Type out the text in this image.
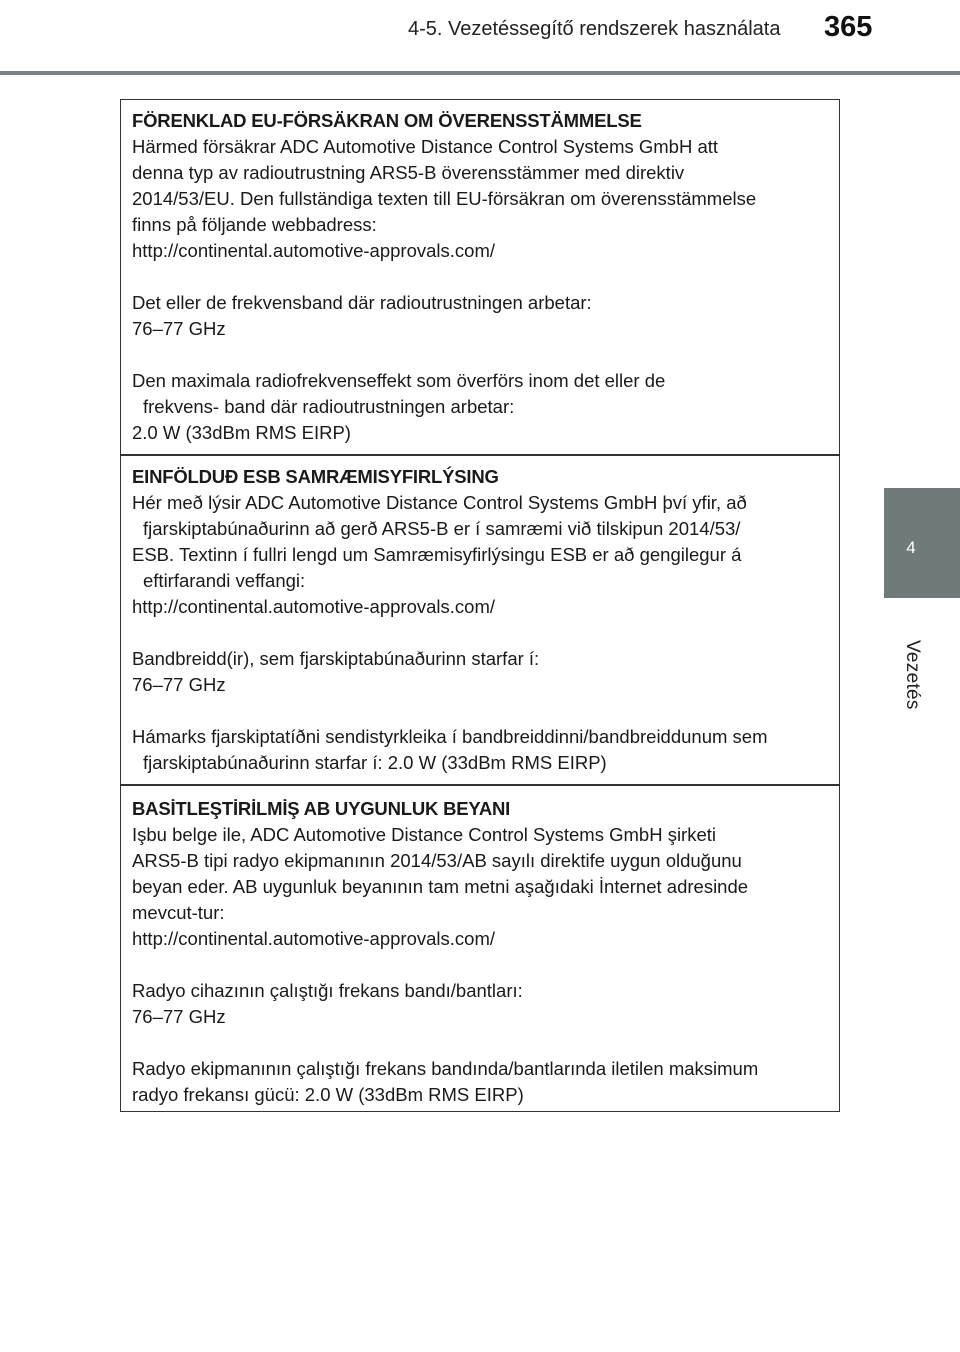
4-5. Vezetéssegítő rendszerek használata	365
4
Vezetés
FÖRENKLAD EU-FÖRSÄKRAN OM ÖVERENSSTÄMMELSE
Härmed försäkrar ADC Automotive Distance Control Systems GmbH att
denna typ av radioutrustning ARS5-B överensstämmer med direktiv
2014/53/EU. Den fullständiga texten till EU-försäkran om överensstämmelse
finns på följande webbadress:
http://continental.automotive-approvals.com/
Det eller de frekvensband där radioutrustningen arbetar:
76–77 GHz
Den maximala radiofrekvenseffekt som överförs inom det eller de
frekvens- band där radioutrustningen arbetar:
2.0 W (33dBm RMS EIRP)
EINFÖLDUÐ ESB SAMRÆMISYFIRLÝSING
Hér með lýsir ADC Automotive Distance Control Systems GmbH því yfir, að
fjarskiptabúnaðurinn að gerð ARS5-B er í samræmi við tilskipun 2014/53/
ESB. Textinn í fullri lengd um Samræmisyfirlýsingu ESB er að gengilegur á
eftirfarandi veffangi:
http://continental.automotive-approvals.com/
Bandbreidd(ir), sem fjarskiptabúnaðurinn starfar í:
76–77 GHz
Hámarks fjarskiptatíðni sendistyrkleika í bandbreiddinni/bandbreiddunum sem
fjarskiptabúnaðurinn starfar í: 2.0 W (33dBm RMS EIRP)
BASİTLEŞTİRİLMİŞ AB UYGUNLUK BEYANI
Işbu belge ile, ADC Automotive Distance Control Systems GmbH şirketi
ARS5-B tipi radyo ekipmanının 2014/53/AB sayılı direktife uygun olduğunu
beyan eder. AB uygunluk beyanının tam metni aşağıdaki İnternet adresinde
mevcut-tur:
http://continental.automotive-approvals.com/
Radyo cihazının çalıştığı frekans bandı/bantları:
76–77 GHz
Radyo ekipmanının çalıştığı frekans bandında/bantlarında iletilen maksimum
radyo frekansı gücü: 2.0 W (33dBm RMS EIRP)
